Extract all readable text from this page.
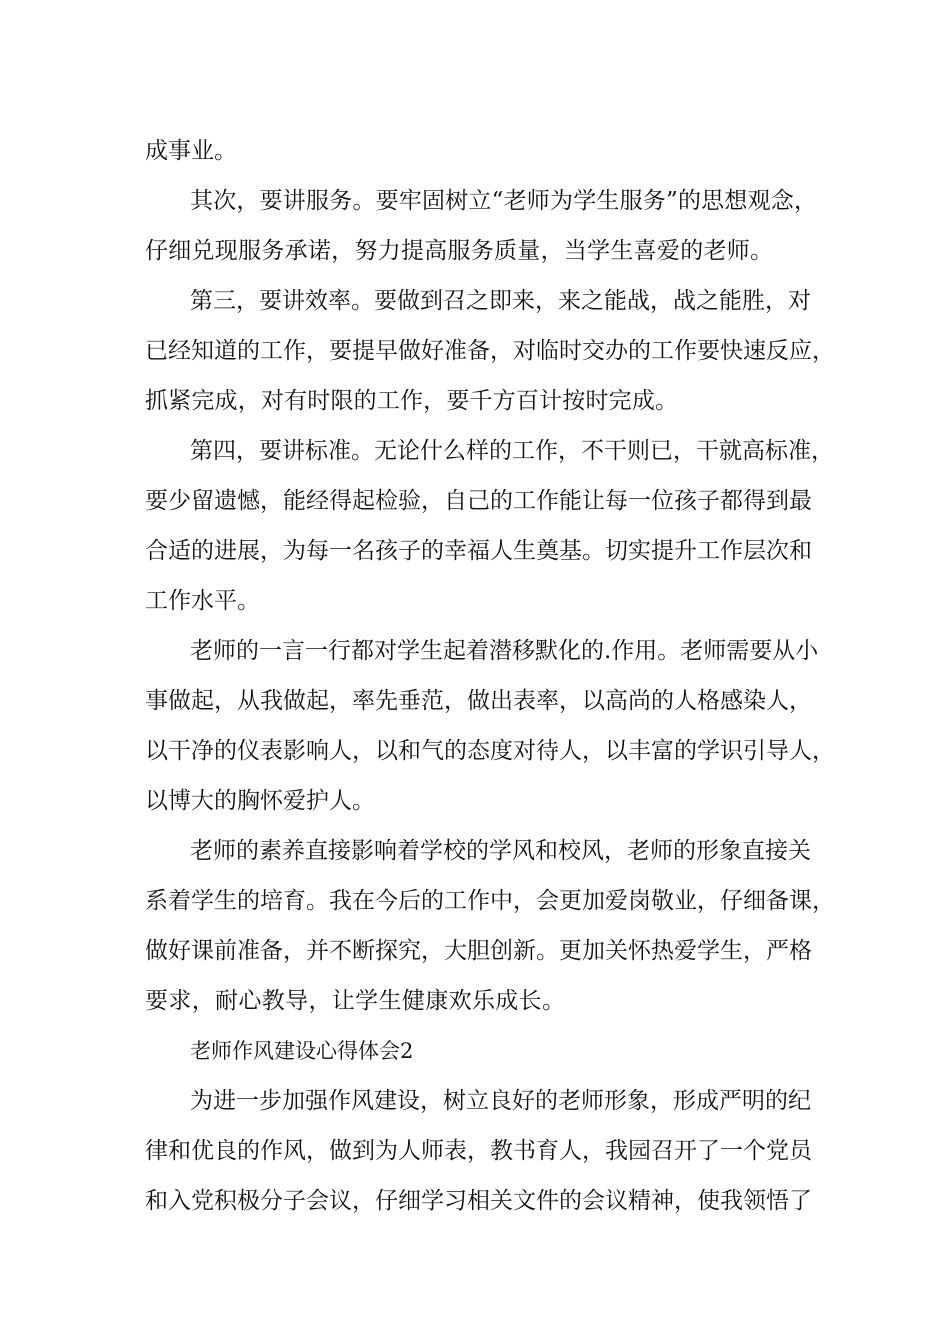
成事业。
其次，要讲服务。要牢固树立“老师为学生服务”的思想观念，
仔细兑现服务承诺，努力提高服务质量，当学生喜爱的老师。
第三，要讲效率。要做到召之即来，来之能战，战之能胜，对
已经知道的工作，要提早做好准备，对临时交办的工作要快速反应，
抓紧完成，对有时限的工作，要千方百计按时完成。
第四，要讲标准。无论什么样的工作，不干则已，干就高标准，
要少留遗憾，能经得起检验，自己的工作能让每一位孩子都得到最
合适的进展，为每一名孩子的幸福人生奠基。切实提升工作层次和
工作水平。
老师的一言一行都对学生起着潜移默化的.作用。老师需要从小
事做起，从我做起，率先垂范，做出表率，以高尚的人格感染人，
以干净的仪表影响人，以和气的态度对待人，以丰富的学识引导人，
以博大的胸怀爱护人。
老师的素养直接影响着学校的学风和校风，老师的形象直接关
系着学生的培育。我在今后的工作中，会更加爱岗敬业，仔细备课，
做好课前准备，并不断探究，大胆创新。更加关怀热爱学生，严格
要求，耐心教导，让学生健康欢乐成长。
老师作风建设心得体会2
为进一步加强作风建设，树立良好的老师形象，形成严明的纪
律和优良的作风，做到为人师表，教书育人，我园召开了一个党员
和入党积极分子会议，仔细学习相关文件的会议精神，使我领悟了
